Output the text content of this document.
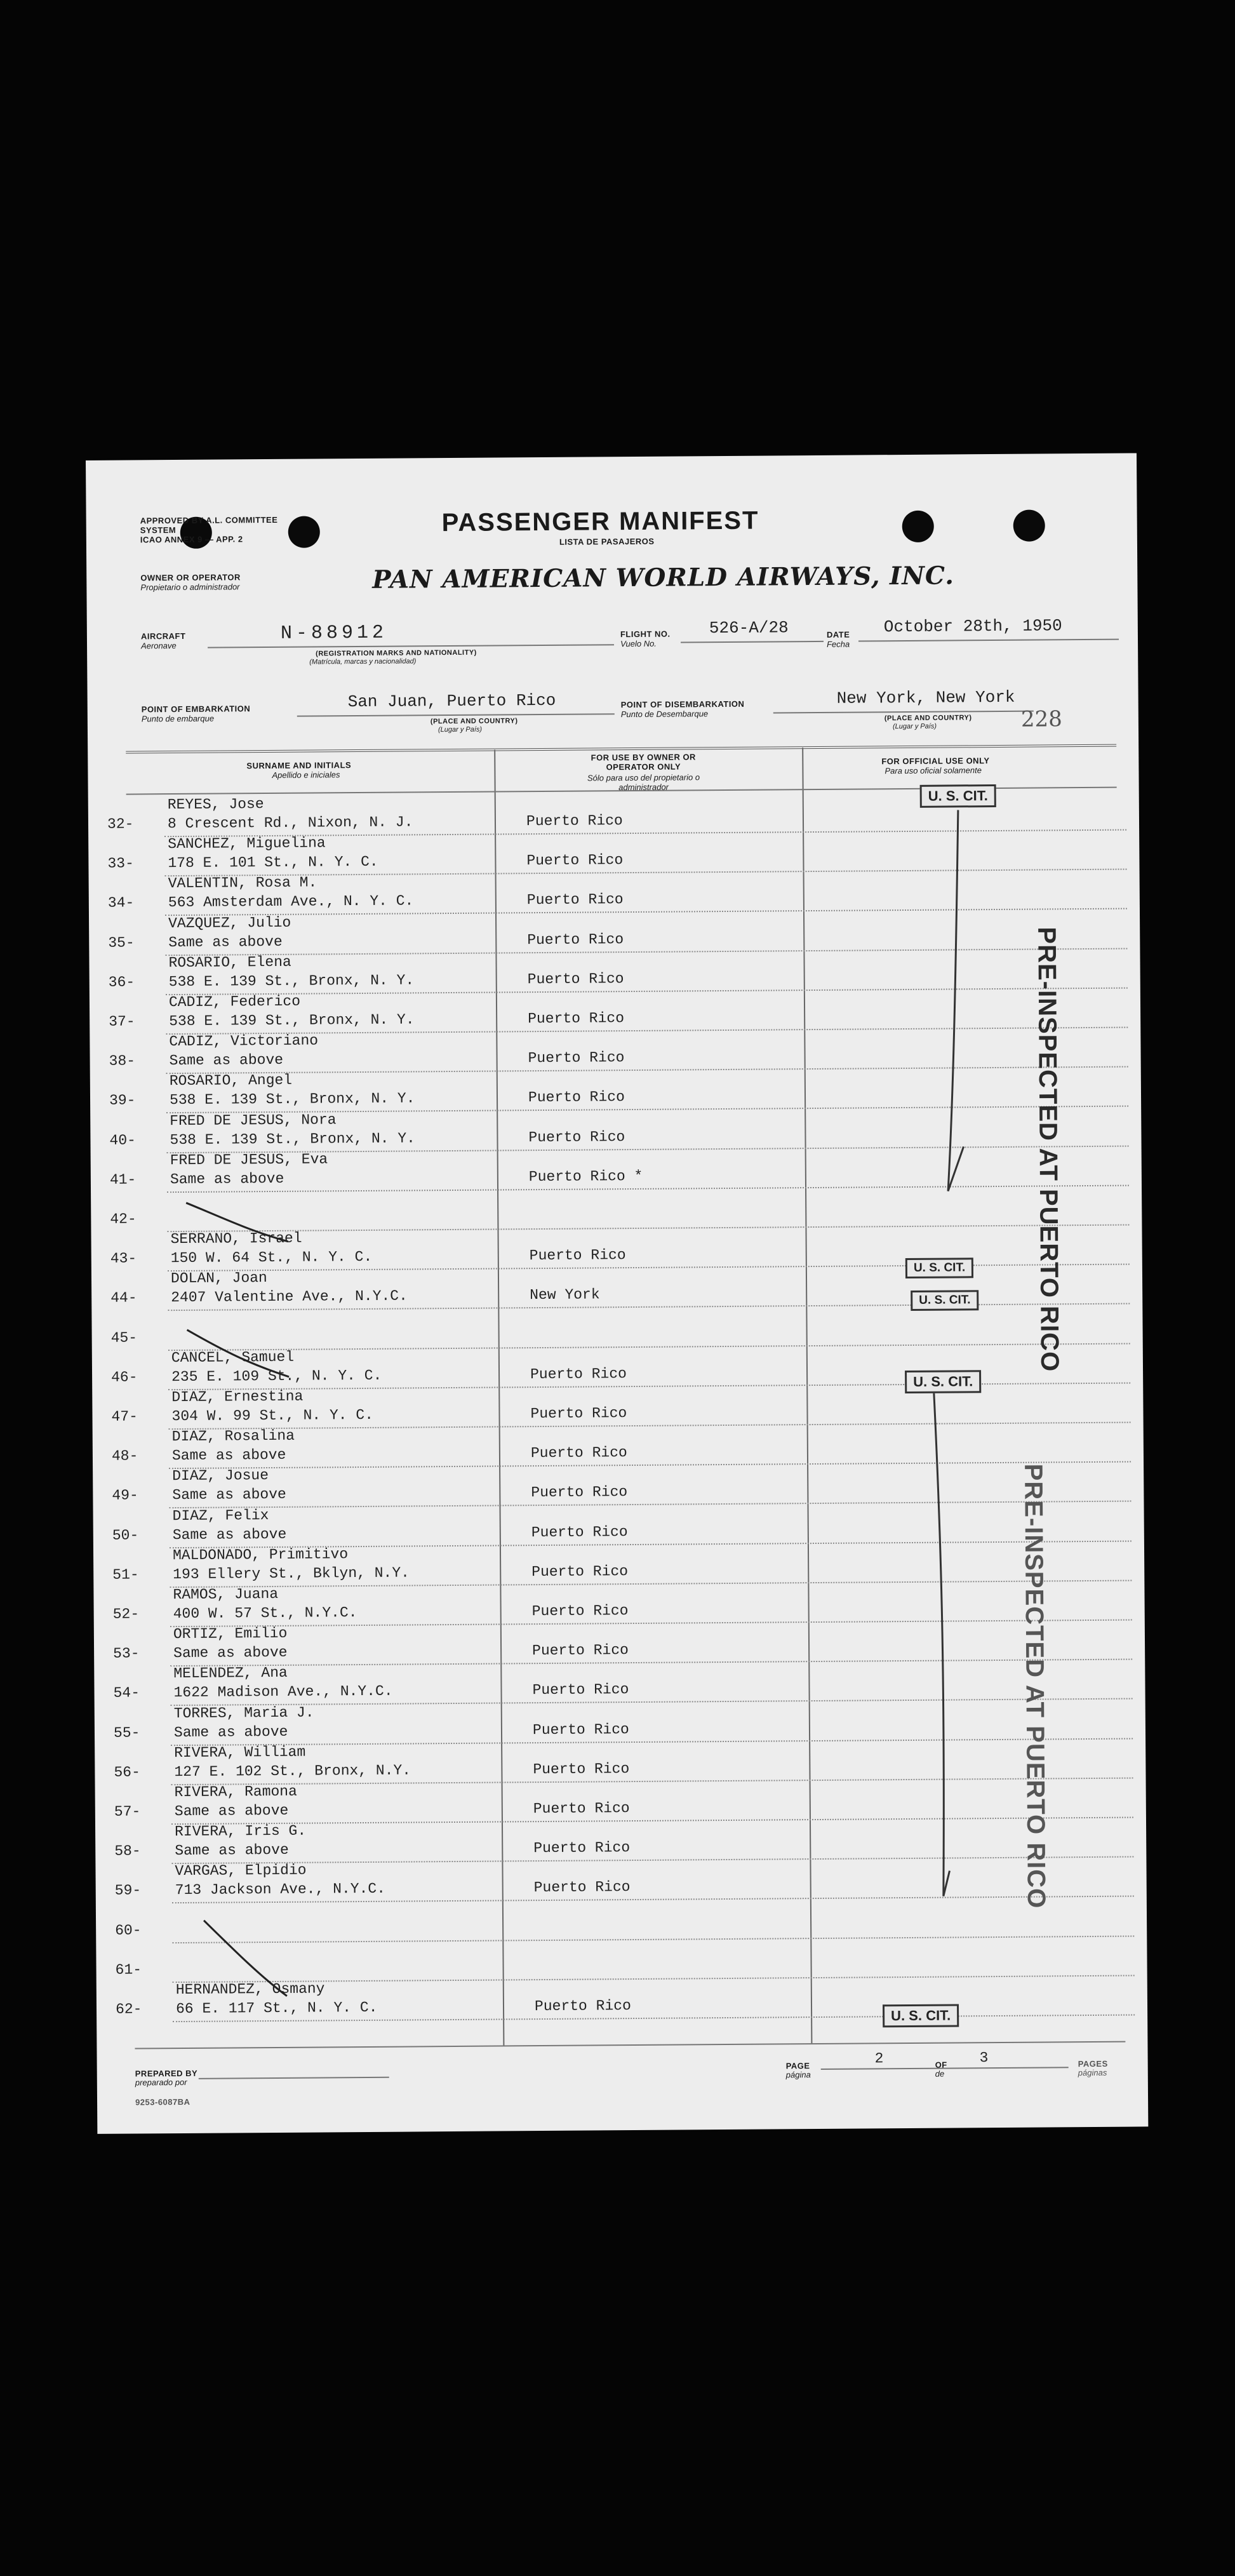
APPROVED BY A.L. COMMITTEE
SYSTEM
ICAO ANNEX 9 — APP. 2
PASSENGER MANIFEST
LISTA DE PASAJEROS
OWNER OR OPERATOR
Propietario o administrador	PAN AMERICAN WORLD AIRWAYS, INC.
AIRCRAFT
Aeronave
N-88912
(REGISTRATION MARKS AND NATIONALITY)
(Matrícula, marcas y nacionalidad)
FLIGHT NO.
Vuelo No.
526-A/28	DATE
Fecha
October 28th, 1950
POINT OF EMBARKATION
Punto de embarque
San Juan, Puerto Rico
(PLACE AND COUNTRY)
(Lugar y País)
POINT OF DISEMBARKATION
Punto de Desembarque
New York, New York
(PLACE AND COUNTRY)
(Lugar y País)	228
SURNAME AND INITIALS
Apellido e iniciales
FOR USE BY OWNER OR OPERATOR ONLY
Sólo para uso del propietario o administrador
FOR OFFICIAL USE ONLY
Para uso oficial solamente
32-
REYES, Jose
8 Crescent Rd., Nixon, N. J.	Puerto Rico
33-
SANCHEZ, Miguelina
178 E. 101 St., N. Y. C.	Puerto Rico
34-
VALENTIN, Rosa M.
563 Amsterdam Ave., N. Y. C.	Puerto Rico
35-
VAZQUEZ, Julio
Same as above	Puerto Rico
36-
ROSARIO, Elena
538 E. 139 St., Bronx, N. Y.	Puerto Rico
37-
CADIZ, Federico
538 E. 139 St., Bronx, N. Y.	Puerto Rico
38-
CADIZ, Victoriano
Same as above	Puerto Rico
39-
ROSARIO, Angel
538 E. 139 St., Bronx, N. Y.	Puerto Rico
40-
FRED DE JESUS, Nora
538 E. 139 St., Bronx, N. Y.	Puerto Rico
41-
FRED DE JESUS, Eva
Same as above	Puerto Rico *
42-
43-
SERRANO, Israel
150 W. 64 St., N. Y. C.	Puerto Rico
44-
DOLAN, Joan
2407 Valentine Ave., N.Y.C.	New York
45-
46-
CANCEL, Samuel
235 E. 109 St., N. Y. C.	Puerto Rico
47-
DIAZ, Ernestina
304 W. 99 St., N. Y. C.	Puerto Rico
48-
DIAZ, Rosalina
Same as above	Puerto Rico
49-
DIAZ, Josue
Same as above	Puerto Rico
50-
DIAZ, Felix
Same as above	Puerto Rico
51-
MALDONADO, Primitivo
193 Ellery St., Bklyn, N.Y.	Puerto Rico
52-
RAMOS, Juana
400 W. 57 St., N.Y.C.	Puerto Rico
53-
ORTIZ, Emilio
Same as above	Puerto Rico
54-
MELENDEZ, Ana
1622 Madison Ave., N.Y.C.	Puerto Rico
55-
TORRES, Maria J.
Same as above	Puerto Rico
56-
RIVERA, William
127 E. 102 St., Bronx, N.Y.	Puerto Rico
57-
RIVERA, Ramona
Same as above	Puerto Rico
58-
RIVERA, Iris G.
Same as above	Puerto Rico
59-
VARGAS, Elpidio
713 Jackson Ave., N.Y.C.	Puerto Rico
60-
61-
62-
HERNANDEZ, Osmany
66 E. 117 St., N. Y. C.	Puerto Rico
U. S. CIT.
U. S. CIT.
U. S. CIT.
U. S. CIT.
U. S. CIT.
PRE-INSPECTED AT PUERTO RICO
PRE-INSPECTED AT PUERTO RICO
PREPARED BY
preparado por
9253-6087BA
PAGE
página
2	OF
de
3	PAGES
páginas
